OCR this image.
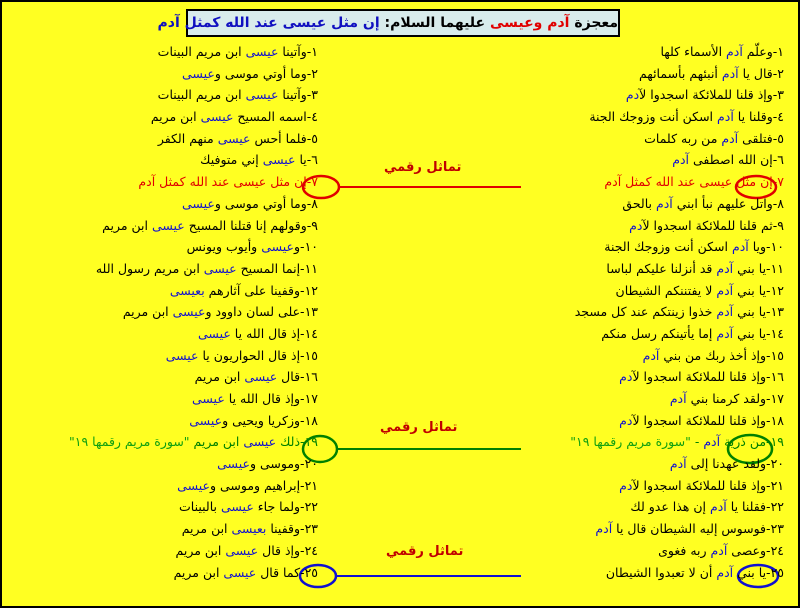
معجزة آدم وعيسى عليهما السلام: إن مثل عيسى عند الله كمثل آدم
تماثل رقمي
تماثل رقمي
تماثل رقمي
١-وعلّم آدم الأسماء كلها
٢-قال يا آدم أنبئهم بأسمائهم
٣-وإذ قلنا للملائكة اسجدوا لآدم
٤-وقلنا يا آدم اسكن أنت وزوجك الجنة
٥-فتلقى آدم من ربه كلمات
٦-إن الله اصطفى آدم
٧-إن مثل عيسى عند الله كمثل آدم
٨-واتل عليهم نبأ ابني آدم بالحق
٩-ثم قلنا للملائكة اسجدوا لآدم
١٠-ويا آدم اسكن أنت وزوجك الجنة
١١-يا بني آدم قد أنزلنا عليكم لباسا
١٢-يا بني آدم لا يفتننكم الشيطان
١٣-يا بني آدم خذوا زينتكم عند كل مسجد
١٤-يا بني آدم إما يأتينكم رسل منكم
١٥-وإذ أخذ ربك من بني آدم
١٦-وإذ قلنا للملائكة اسجدوا لآدم
١٧-ولقد كرمنا بني آدم
١٨-وإذ قلنا للملائكة اسجدوا لآدم
١٩-من ذرية آدم - "سورة مريم رقمها ١٩"
٢٠-ولقد عهدنا إلى آدم
٢١-وإذ قلنا للملائكة اسجدوا لآدم
٢٢-فقلنا يا آدم إن هذا عدو لك
٢٣-فوسوس إليه الشيطان قال يا آدم
٢٤-وعصى آدم ربه فغوى
٢٥-يا بني آدم أن لا تعبدوا الشيطان
١-وآتينا عيسى ابن مريم البينات
٢-وما أوتي موسى وعيسى
٣-وآتينا عيسى ابن مريم البينات
٤-اسمه المسيح عيسى ابن مريم
٥-فلما أحس عيسى منهم الكفر
٦-يا عيسى إني متوفيك
٧-إن مثل عيسى عند الله كمثل آدم
٨-وما أوتي موسى وعيسى
٩-وقولهم إنا قتلنا المسيح عيسى ابن مريم
١٠-وعيسى وأيوب ويونس
١١-إنما المسيح عيسى ابن مريم رسول الله
١٢-وقفينا على آثارهم بعيسى
١٣-على لسان داوود وعيسى ابن مريم
١٤-إذ قال الله يا عيسى
١٥-إذ قال الحواريون يا عيسى
١٦-قال عيسى ابن مريم
١٧-وإذ قال الله يا عيسى
١٨-وزكريا ويحيى وعيسى
١٩-ذلك عيسى ابن مريم "سورة مريم رقمها ١٩"
٢٠-وموسى وعيسى
٢١-إبراهيم وموسى وعيسى
٢٢-ولما جاء عيسى بالبينات
٢٣-وقفينا بعيسى ابن مريم
٢٤-وإذ قال عيسى ابن مريم
٢٥-كما قال عيسى ابن مريم
